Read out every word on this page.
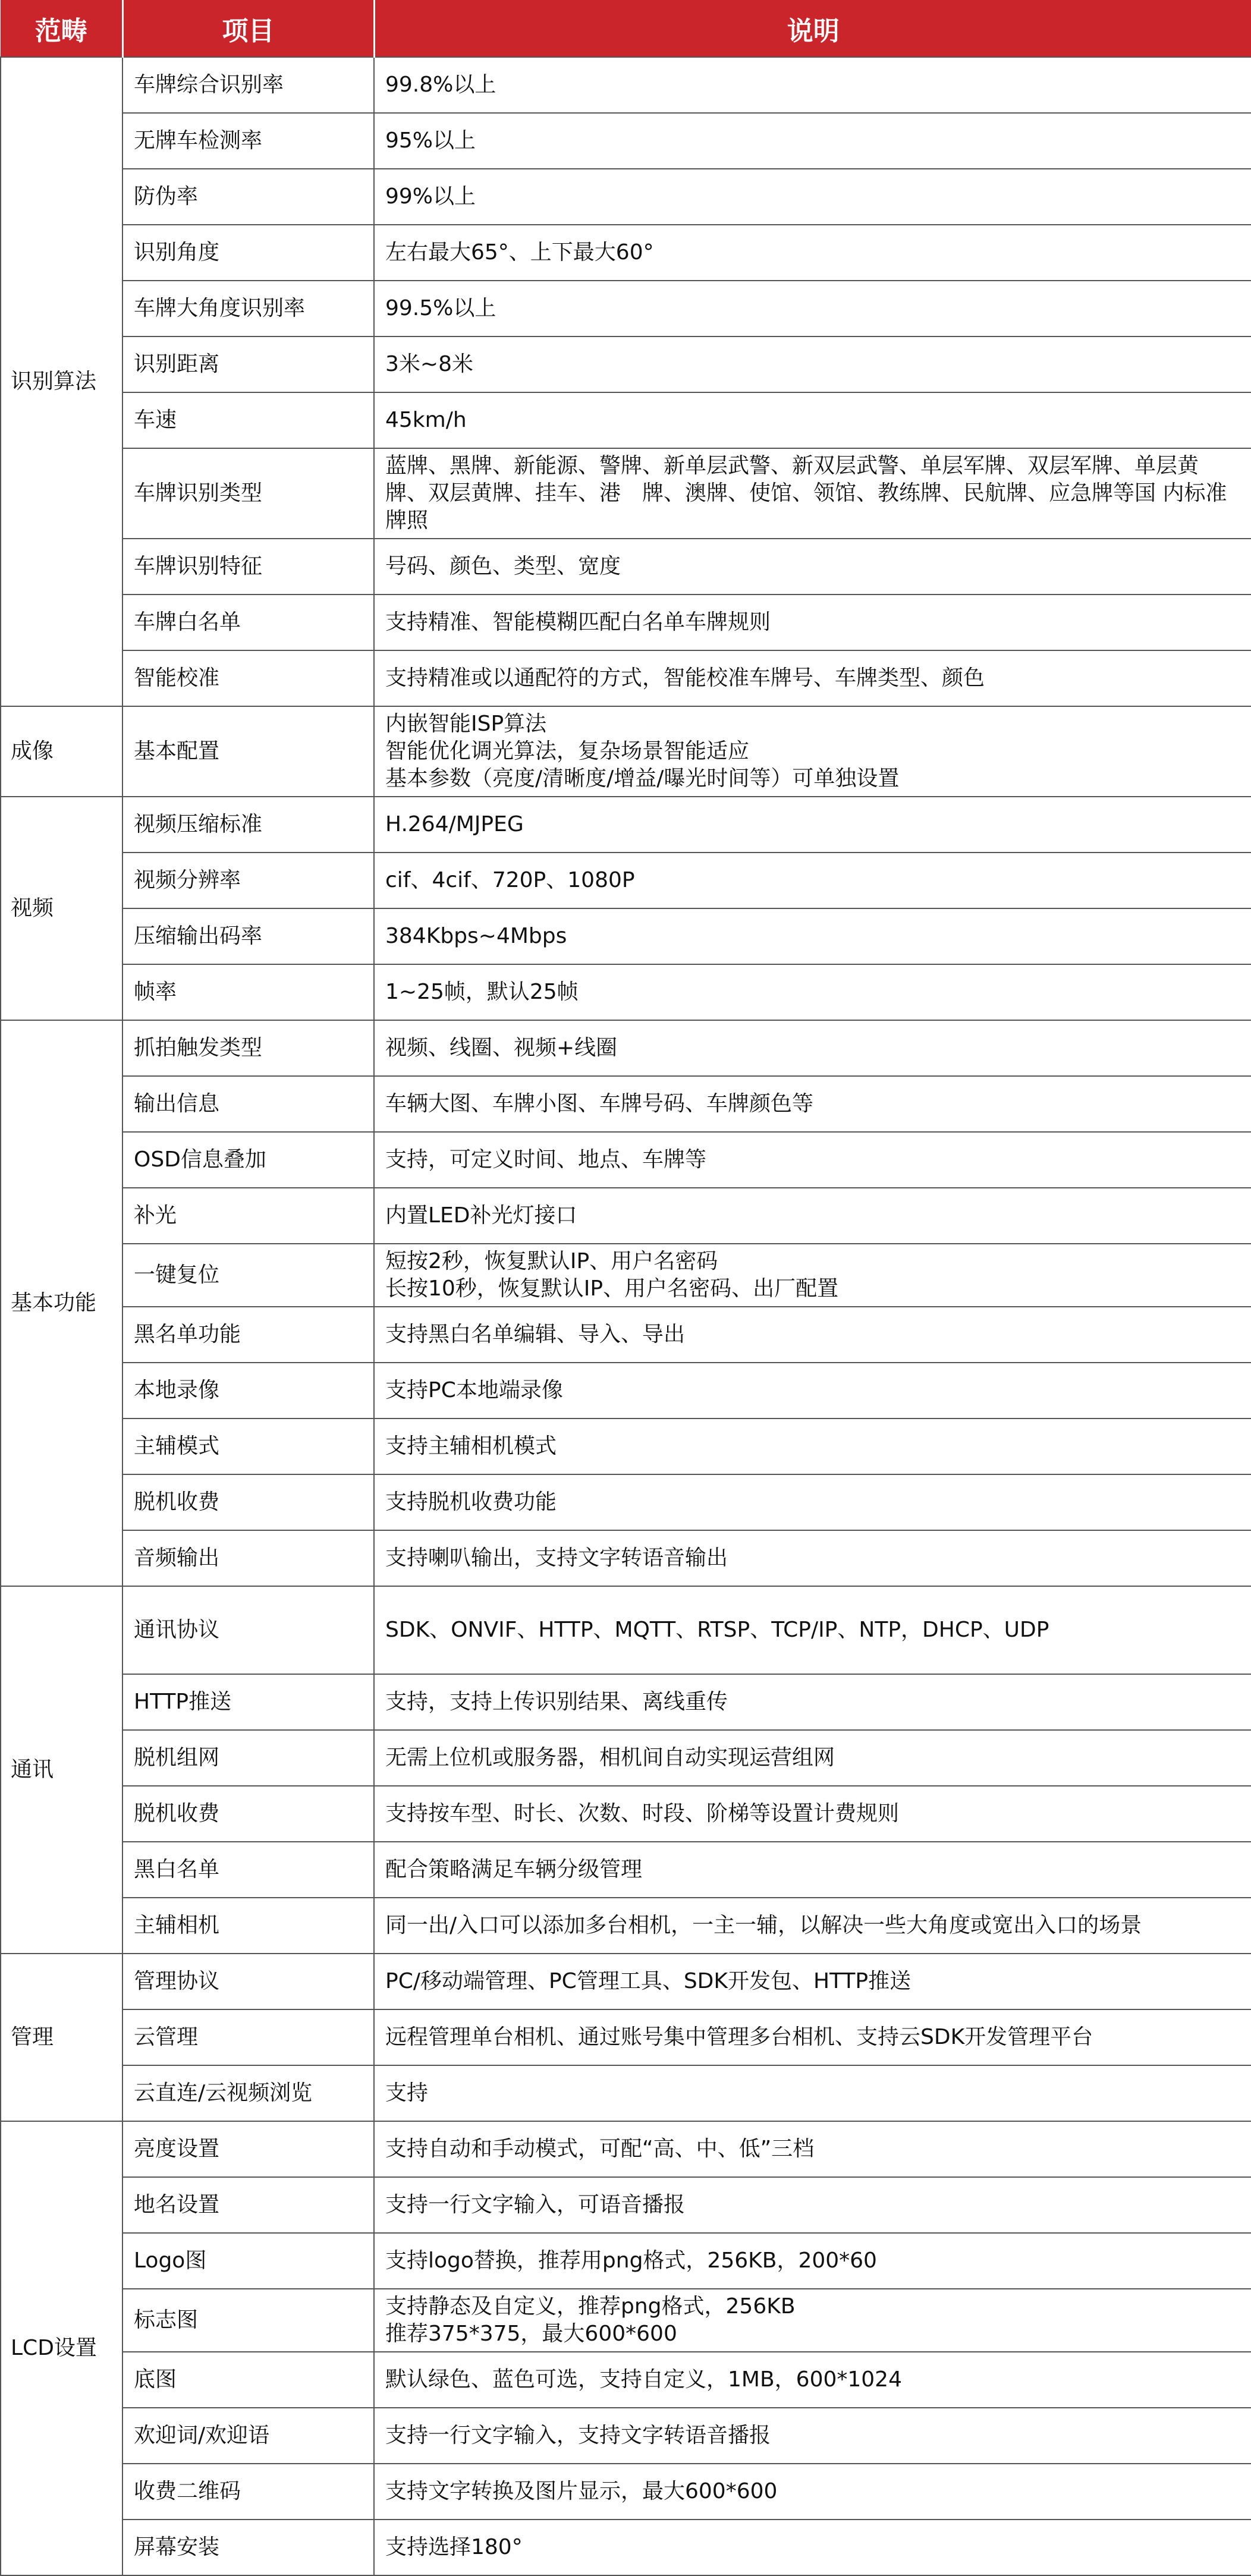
范畴	项目	说明
识别算法	车牌综合识别率	99.8%以上
	无牌车检测率	95%以上
	防伪率	99%以上
	识别角度	左右最大65°、上下最大60°
	车牌大角度识别率	99.5%以上
	识别距离	3米~8米
	车速	45km/h
	车牌识别类型	蓝牌、黑牌、新能源、警牌、新单层武警、新双层武警、单层军牌、双层军牌、单层黄牌、双层黄牌、挂车、港　牌、澳牌、使馆、领馆、教练牌、民航牌、应急牌等国 内标准牌照
	车牌识别特征	号码、颜色、类型、宽度
	车牌白名单	支持精准、智能模糊匹配白名单车牌规则
	智能校准	支持精准或以通配符的方式，智能校准车牌号、车牌类型、颜色
成像	基本配置	内嵌智能ISP算法
智能优化调光算法，复杂场景智能适应
基本参数（亮度/清晰度/增益/曝光时间等）可单独设置
视频	视频压缩标准	H.264/MJPEG
	视频分辨率	cif、4cif、720P、1080P
	压缩输出码率	384Kbps~4Mbps
	帧率	1~25帧，默认25帧
基本功能	抓拍触发类型	视频、线圈、视频+线圈
	输出信息	车辆大图、车牌小图、车牌号码、车牌颜色等
	OSD信息叠加	支持，可定义时间、地点、车牌等
	补光	内置LED补光灯接口
	一键复位	短按2秒，恢复默认IP、用户名密码
长按10秒，恢复默认IP、用户名密码、出厂配置
	黑名单功能	支持黑白名单编辑、导入、导出
	本地录像	支持PC本地端录像
	主辅模式	支持主辅相机模式
	脱机收费	支持脱机收费功能
	音频输出	支持喇叭输出，支持文字转语音输出
通讯	通讯协议	SDK、ONVIF、HTTP、MQTT、RTSP、TCP/IP、NTP，DHCP、UDP
	HTTP推送	支持，支持上传识别结果、离线重传
	脱机组网	无需上位机或服务器，相机间自动实现运营组网
	脱机收费	支持按车型、时长、次数、时段、阶梯等设置计费规则
	黑白名单	配合策略满足车辆分级管理
	主辅相机	同一出/入口可以添加多台相机，一主一辅，以解决一些大角度或宽出入口的场景
管理	管理协议	PC/移动端管理、PC管理工具、SDK开发包、HTTP推送
	云管理	远程管理单台相机、通过账号集中管理多台相机、支持云SDK开发管理平台
	云直连/云视频浏览	支持
LCD设置	亮度设置	支持自动和手动模式，可配“高、中、低”三档
	地名设置	支持一行文字输入，可语音播报
	Logo图	支持logo替换，推荐用png格式，256KB，200*60
	标志图	支持静态及自定义，推荐png格式，256KB
推荐375*375，最大600*600
	底图	默认绿色、蓝色可选，支持自定义，1MB，600*1024
	欢迎词/欢迎语	支持一行文字输入，支持文字转语音播报
	收费二维码	支持文字转换及图片显示，最大600*600
	屏幕安装	支持选择180°
